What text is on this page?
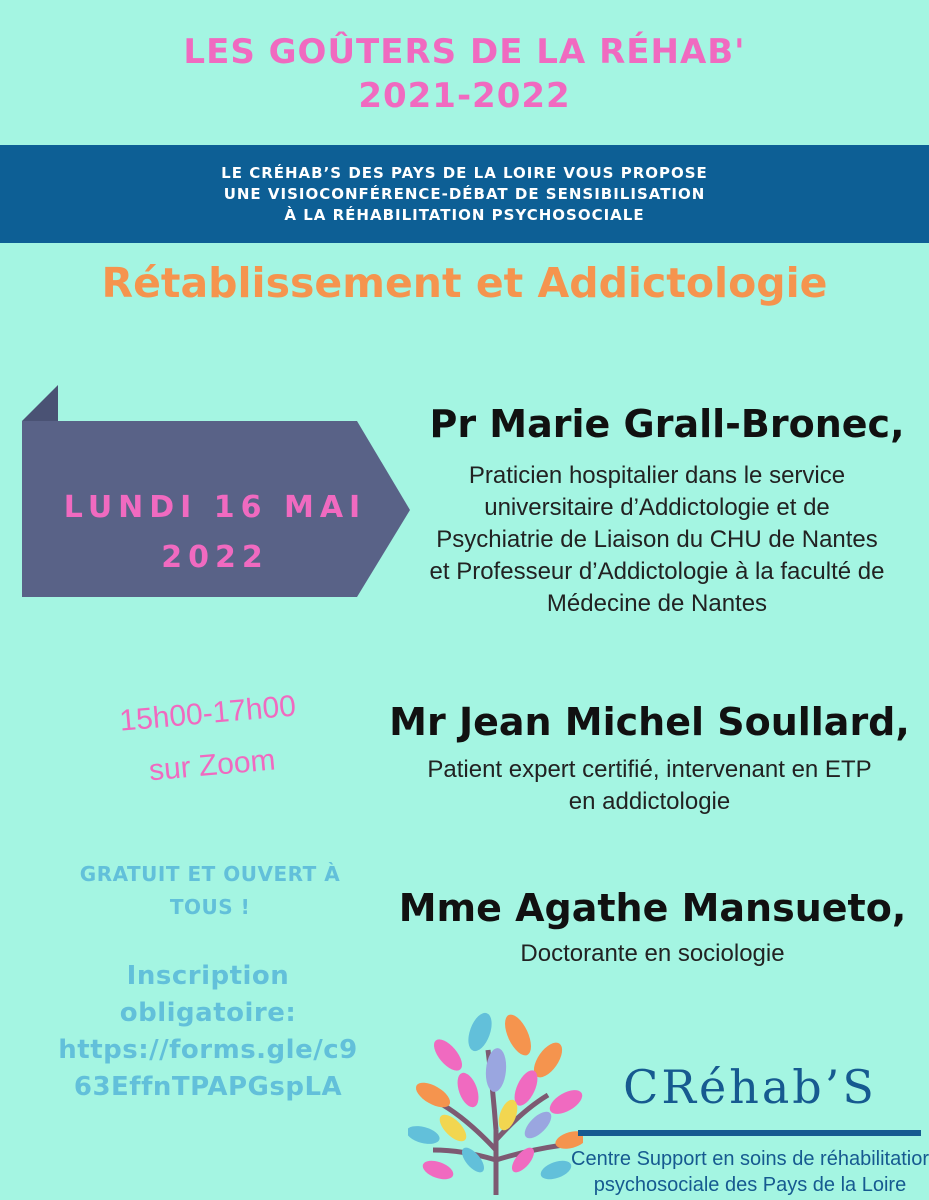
LES GOÛTERS DE LA RÉHAB'
2021-2022
LE CRÉHAB’S DES PAYS DE LA LOIRE VOUS PROPOSE
UNE VISIOCONFÉRENCE-DÉBAT DE SENSIBILISATION
À LA RÉHABILITATION PSYCHOSOCIALE
Rétablissement et Addictologie
LUNDI 16 MAI
2022
15h00-17h00
sur Zoom
GRATUIT ET OUVERT À
TOUS !
Inscription
obligatoire:
https://forms.gle/c9
63EffnTPAPGspLA
Pr Marie Grall-Bronec,
Praticien hospitalier dans le service
universitaire d’Addictologie et de
Psychiatrie de Liaison du CHU de Nantes
et Professeur d’Addictologie à la faculté de
Médecine de Nantes
Mr Jean Michel Soullard,
Patient expert certifié, intervenant en ETP
en addictologie
Mme Agathe Mansueto,
Doctorante en sociologie
CRéhab’S
Centre Support en soins de réhabilitatior
psychosociale des Pays de la Loire
